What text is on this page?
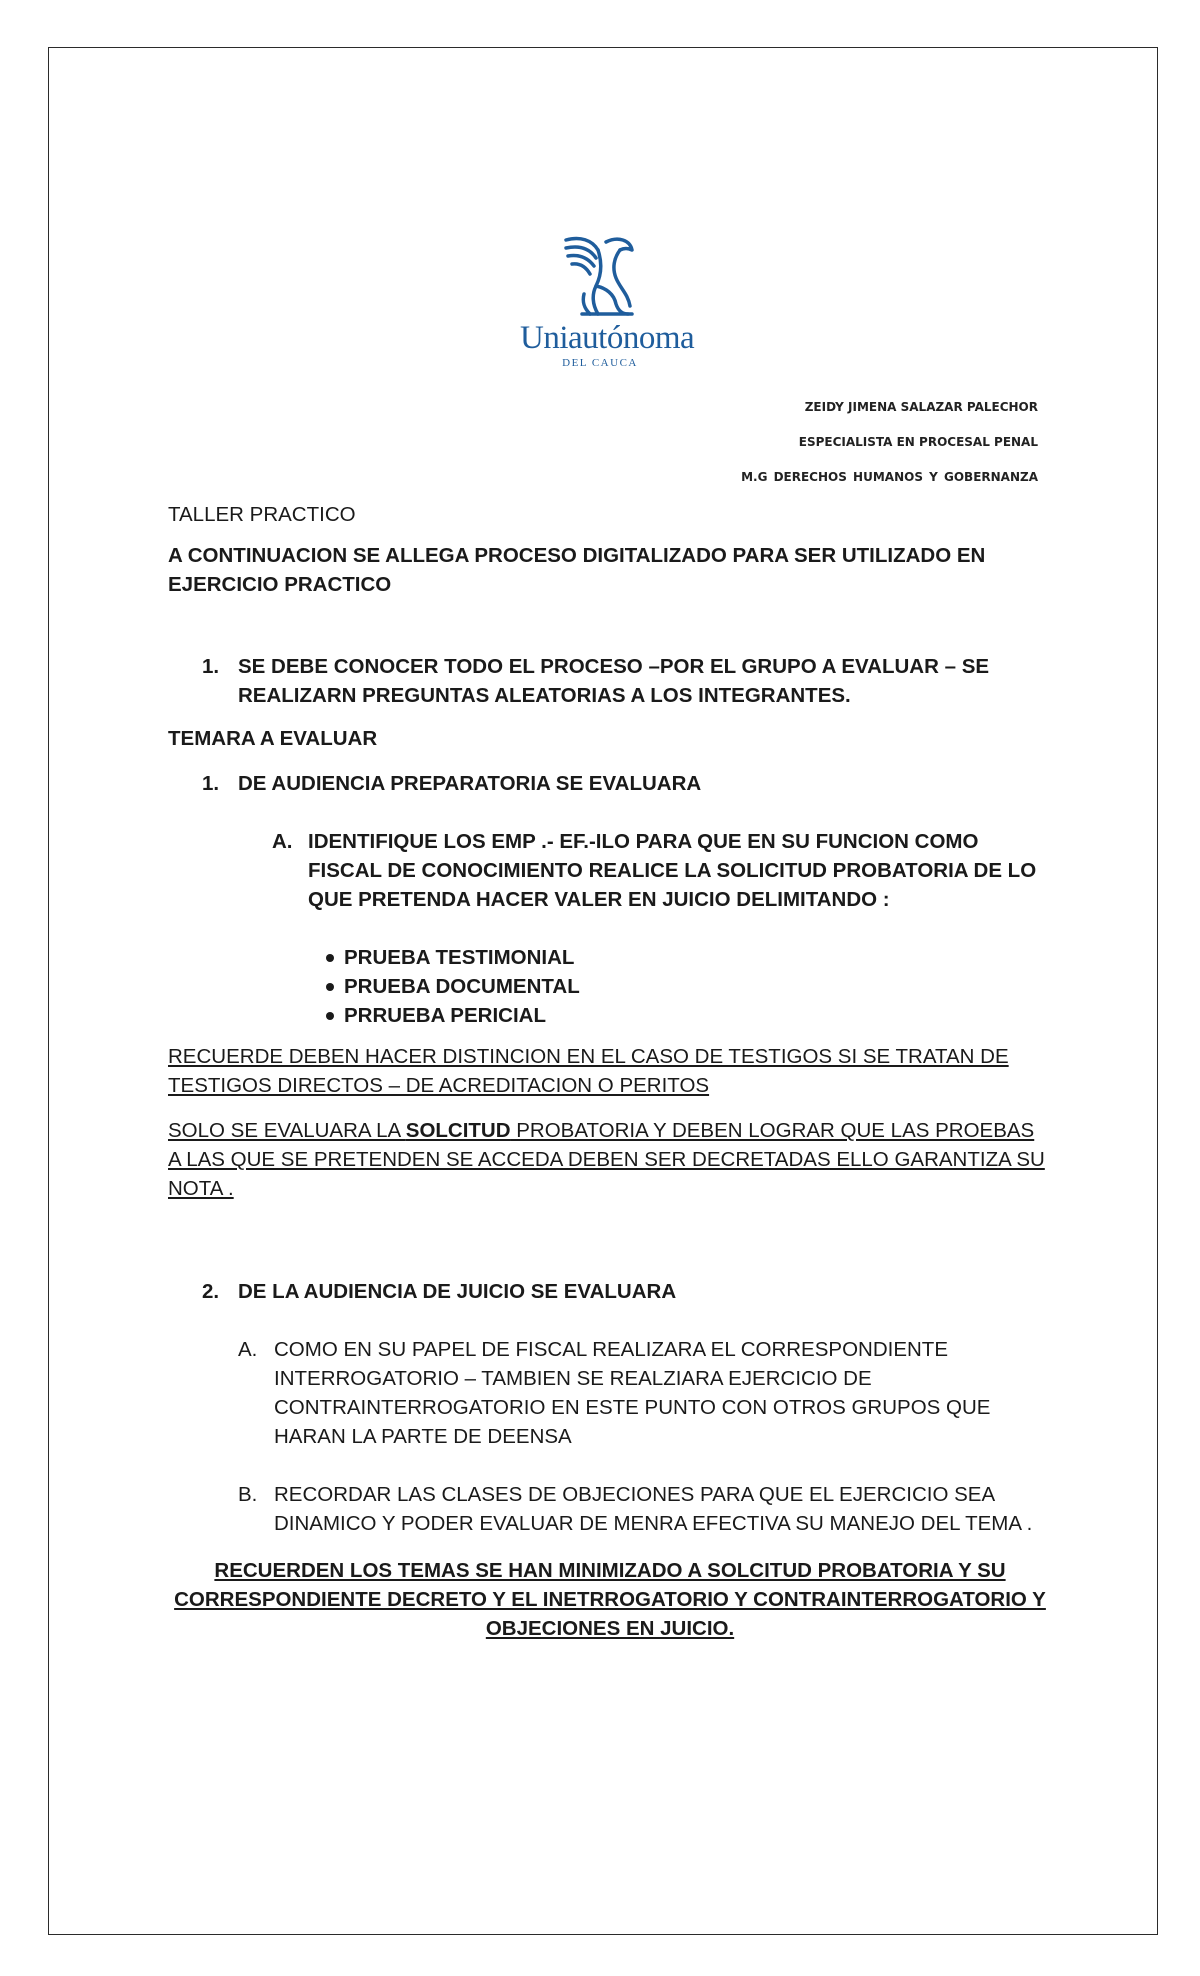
Uniautónoma
DEL CAUCA
ZEIDY JIMENA SALAZAR PALECHOR
ESPECIALISTA EN PROCESAL PENAL
M.G DERECHOS HUMANOS Y GOBERNANZA

TALLER PRACTICO

A CONTINUACION SE ALLEGA PROCESO DIGITALIZADO PARA SER UTILIZADO EN EJERCICIO PRACTICO

1. SE DEBE CONOCER TODO EL PROCESO –POR EL GRUPO A EVALUAR – SE REALIZARN PREGUNTAS ALEATORIAS A LOS INTEGRANTES.

TEMARA A EVALUAR

1. DE AUDIENCIA PREPARATORIA SE EVALUARA
A. IDENTIFIQUE LOS EMP .- EF.-ILO PARA QUE EN SU FUNCION COMO FISCAL DE CONOCIMIENTO REALICE LA SOLICITUD PROBATORIA DE LO QUE PRETENDA HACER VALER EN JUICIO DELIMITANDO :
PRUEBA TESTIMONIAL
PRUEBA DOCUMENTAL
PRRUEBA PERICIAL

RECUERDE DEBEN HACER DISTINCION EN EL CASO DE TESTIGOS SI SE TRATAN DE TESTIGOS DIRECTOS – DE ACREDITACION O PERITOS

SOLO SE EVALUARA LA SOLCITUD PROBATORIA Y DEBEN LOGRAR QUE LAS PROEBAS A LAS QUE SE PRETENDEN SE ACCEDA DEBEN SER DECRETADAS ELLO GARANTIZA SU NOTA .

2. DE LA AUDIENCIA DE JUICIO SE EVALUARA
A. COMO EN SU PAPEL DE FISCAL REALIZARA EL CORRESPONDIENTE INTERROGATORIO – TAMBIEN SE REALZIARA EJERCICIO DE CONTRAINTERROGATORIO EN ESTE PUNTO CON OTROS GRUPOS QUE HARAN LA PARTE DE DEENSA
B. RECORDAR LAS CLASES DE OBJECIONES PARA QUE EL EJERCICIO SEA DINAMICO Y PODER EVALUAR DE MENRA EFECTIVA SU MANEJO DEL TEMA .

RECUERDEN LOS TEMAS SE HAN MINIMIZADO A SOLCITUD PROBATORIA Y SU CORRESPONDIENTE DECRETO Y EL INETRROGATORIO Y CONTRAINTERROGATORIO Y OBJECIONES EN JUICIO.
